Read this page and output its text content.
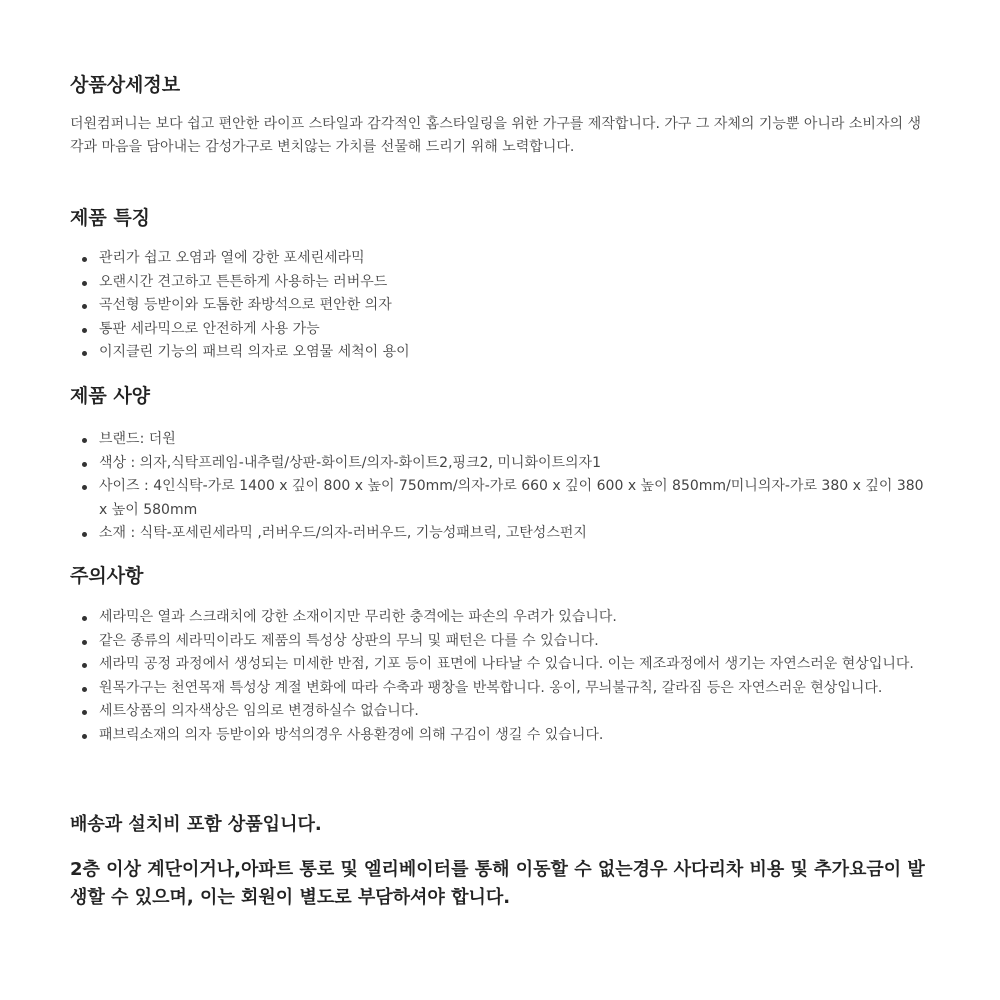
상품상세정보

더원컴퍼니는 보다 쉽고 편안한 라이프 스타일과 감각적인 홈스타일링을 위한 가구를 제작합니다. 가구 그 자체의 기능뿐 아니라 소비자의 생각과 마음을 담아내는 감성가구로 변치않는 가치를 선물해 드리기 위해 노력합니다.

제품 특징
관리가 쉽고 오염과 열에 강한 포세린세라믹
오랜시간 견고하고 튼튼하게 사용하는 러버우드
곡선형 등받이와 도톰한 좌방석으로 편안한 의자
통판 세라믹으로 안전하게 사용 가능
이지클린 기능의 패브릭 의자로 오염물 세척이 용이
제품 사양
브랜드: 더원
색상 : 의자,식탁프레임-내추럴/상판-화이트/의자-화이트2,핑크2, 미니화이트의자1
사이즈 : 4인식탁-가로 1400 x 깊이 800 x 높이 750mm/의자-가로 660 x 깊이 600 x 높이 850mm/미니의자-가로 380 x 깊이 380 x 높이 580mm
소재 : 식탁-포세린세라믹 ,러버우드/의자-러버우드, 기능성패브릭, 고탄성스펀지
주의사항
세라믹은 열과 스크래치에 강한 소재이지만 무리한 충격에는 파손의 우려가 있습니다.
같은 종류의 세라믹이라도 제품의 특성상 상판의 무늬 및 패턴은 다를 수 있습니다.
세라믹 공정 과정에서 생성되는 미세한 반점, 기포 등이 표면에 나타날 수 있습니다. 이는 제조과정에서 생기는 자연스러운 현상입니다.
원목가구는 천연목재 특성상 계절 변화에 따라 수축과 팽창을 반복합니다. 옹이, 무늬불규칙, 갈라짐 등은 자연스러운 현상입니다.
세트상품의 의자색상은 임의로 변경하실수 없습니다.
패브릭소재의 의자 등받이와 방석의경우 사용환경에 의해 구김이 생길 수 있습니다.

배송과 설치비 포함 상품입니다.

2층 이상 계단이거나,아파트 통로 및 엘리베이터를 통해 이동할 수 없는경우 사다리차 비용 및 추가요금이 발생할 수 있으며, 이는 회원이 별도로 부담하셔야 합니다.
